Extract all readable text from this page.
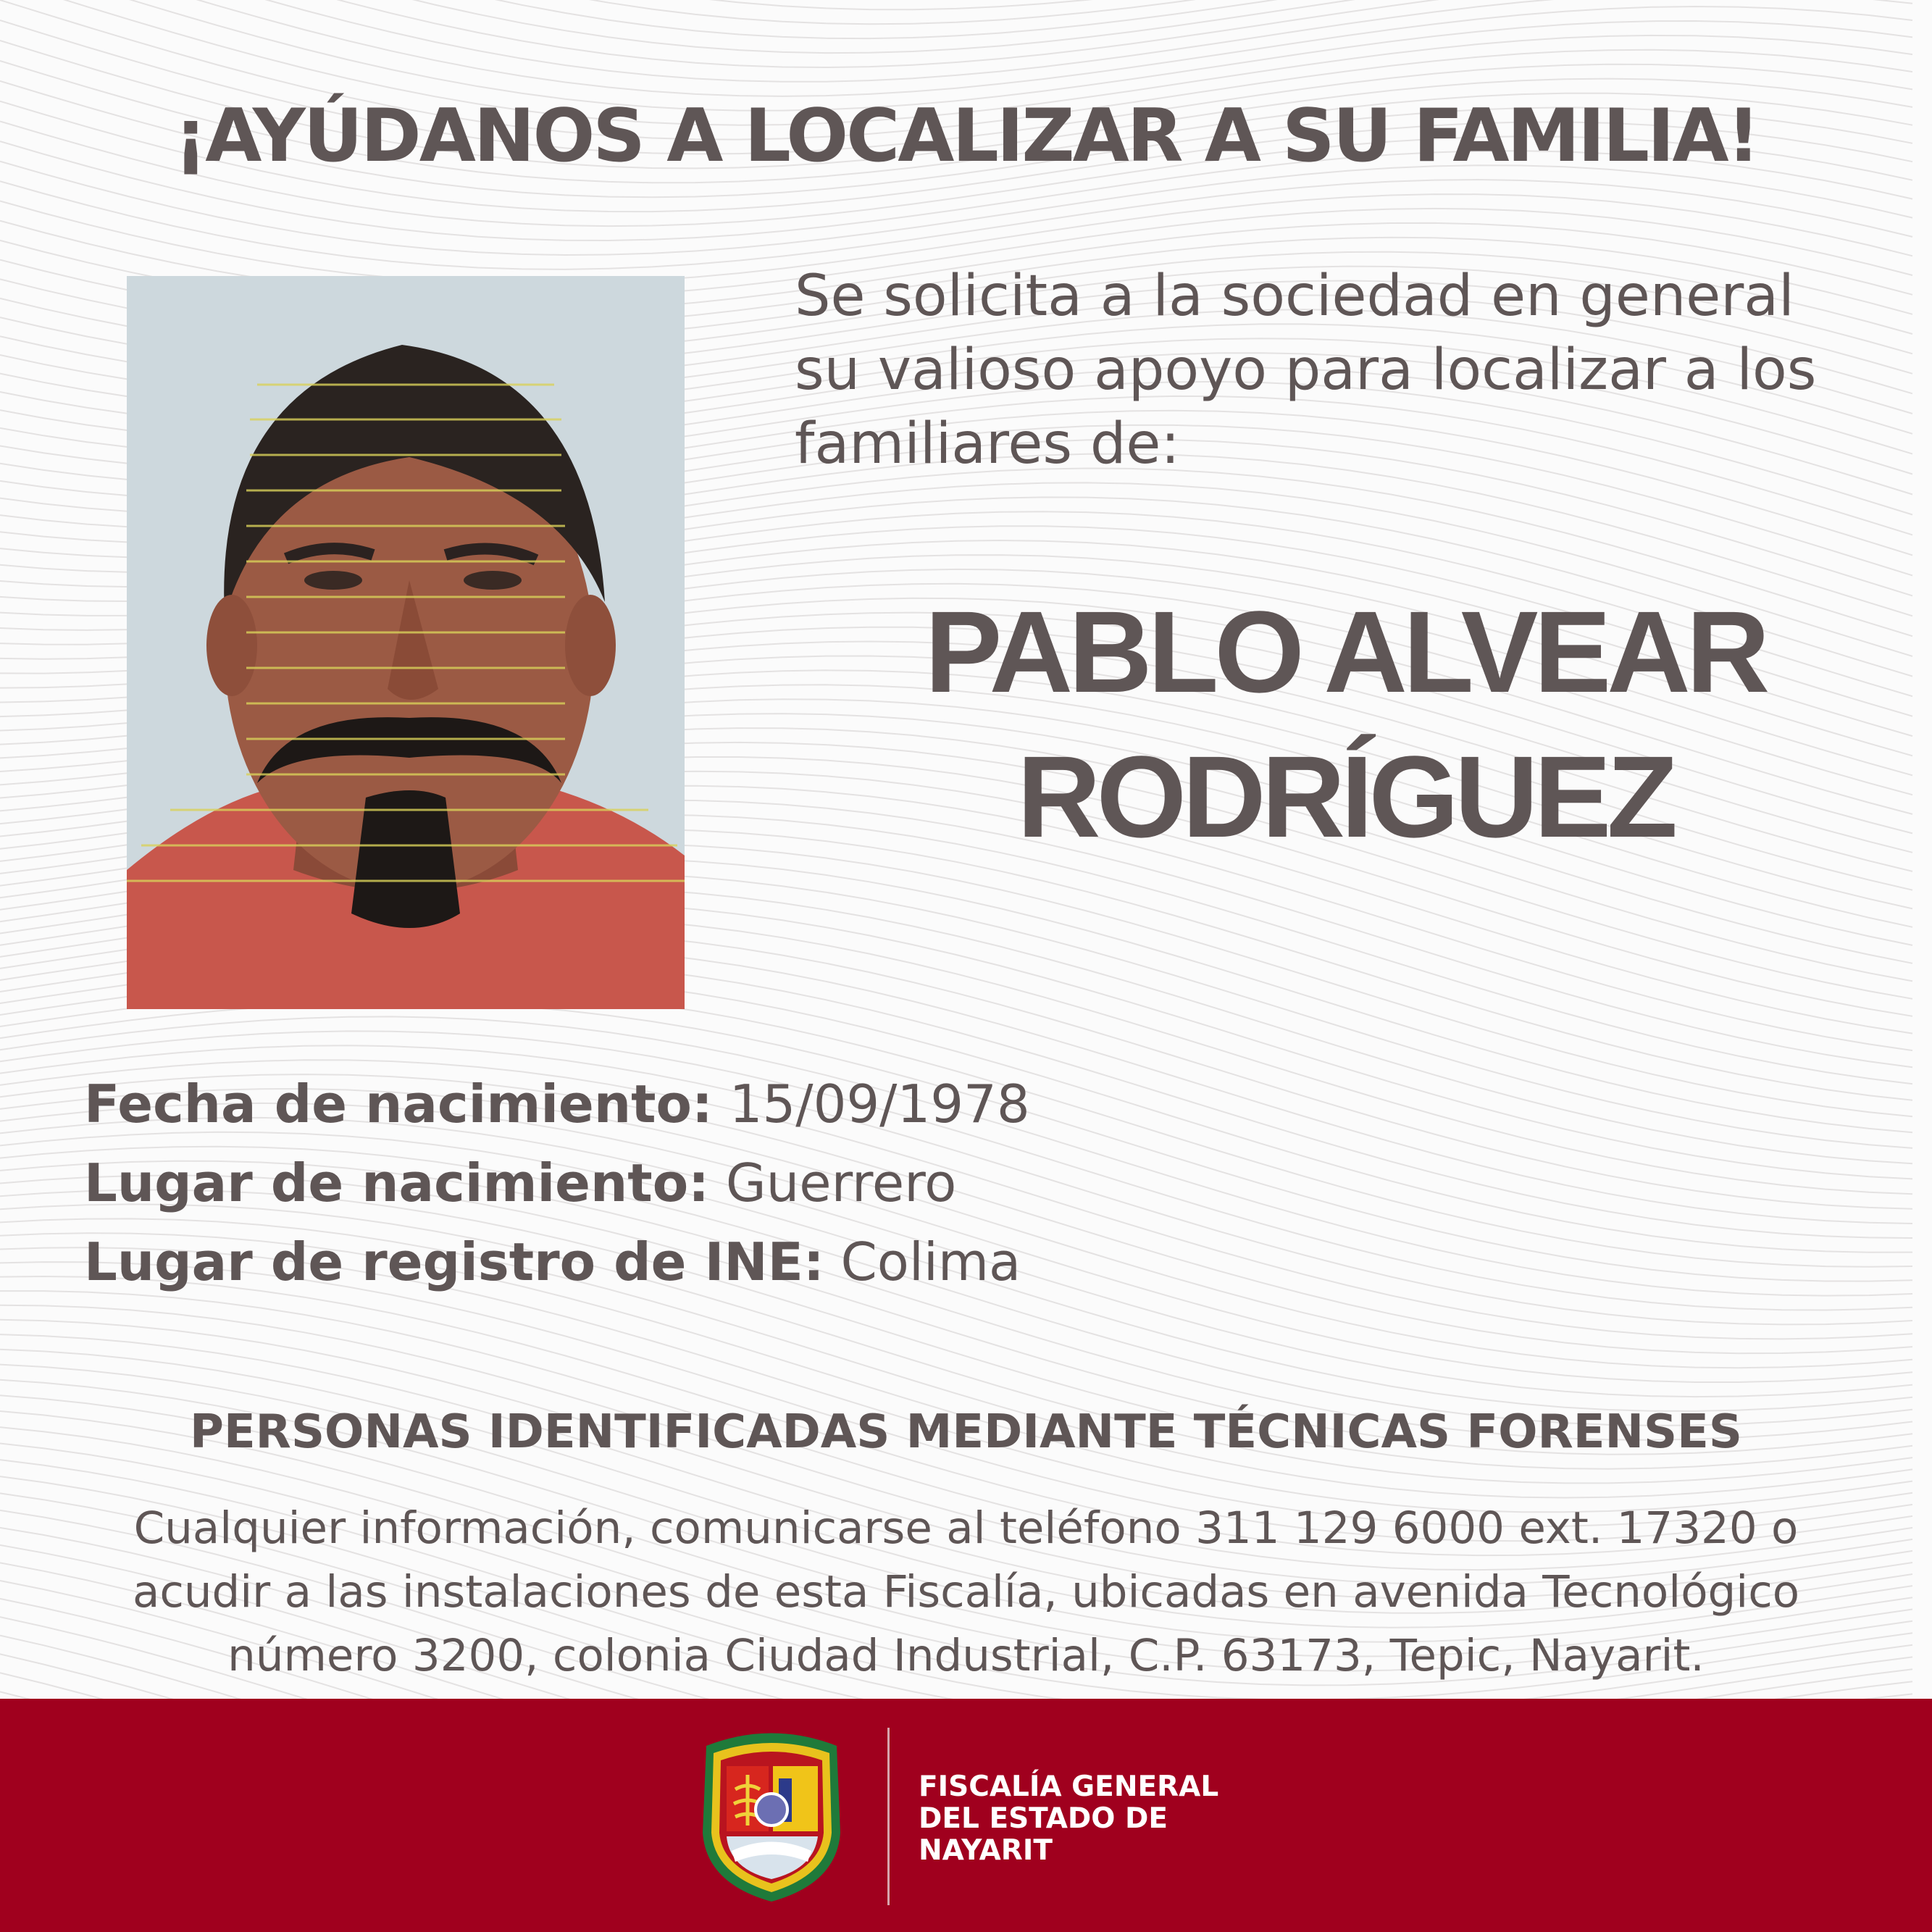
¡AYÚDANOS A LOCALIZAR A SU FAMILIA!
Se solicita a la sociedad en general
su valioso apoyo para localizar a los
familiares de:
PABLO ALVEAR
RODRÍGUEZ
Fecha de nacimiento: 15/09/1978
Lugar de nacimiento: Guerrero
Lugar de registro de INE: Colima
PERSONAS IDENTIFICADAS MEDIANTE TÉCNICAS FORENSES
Cualquier información, comunicarse al teléfono 311 129 6000 ext. 17320 o
acudir a las instalaciones de esta Fiscalía, ubicadas en avenida Tecnológico
número 3200, colonia Ciudad Industrial, C.P. 63173, Tepic, Nayarit.
FISCALÍA GENERAL
DEL ESTADO DE
NAYARIT
